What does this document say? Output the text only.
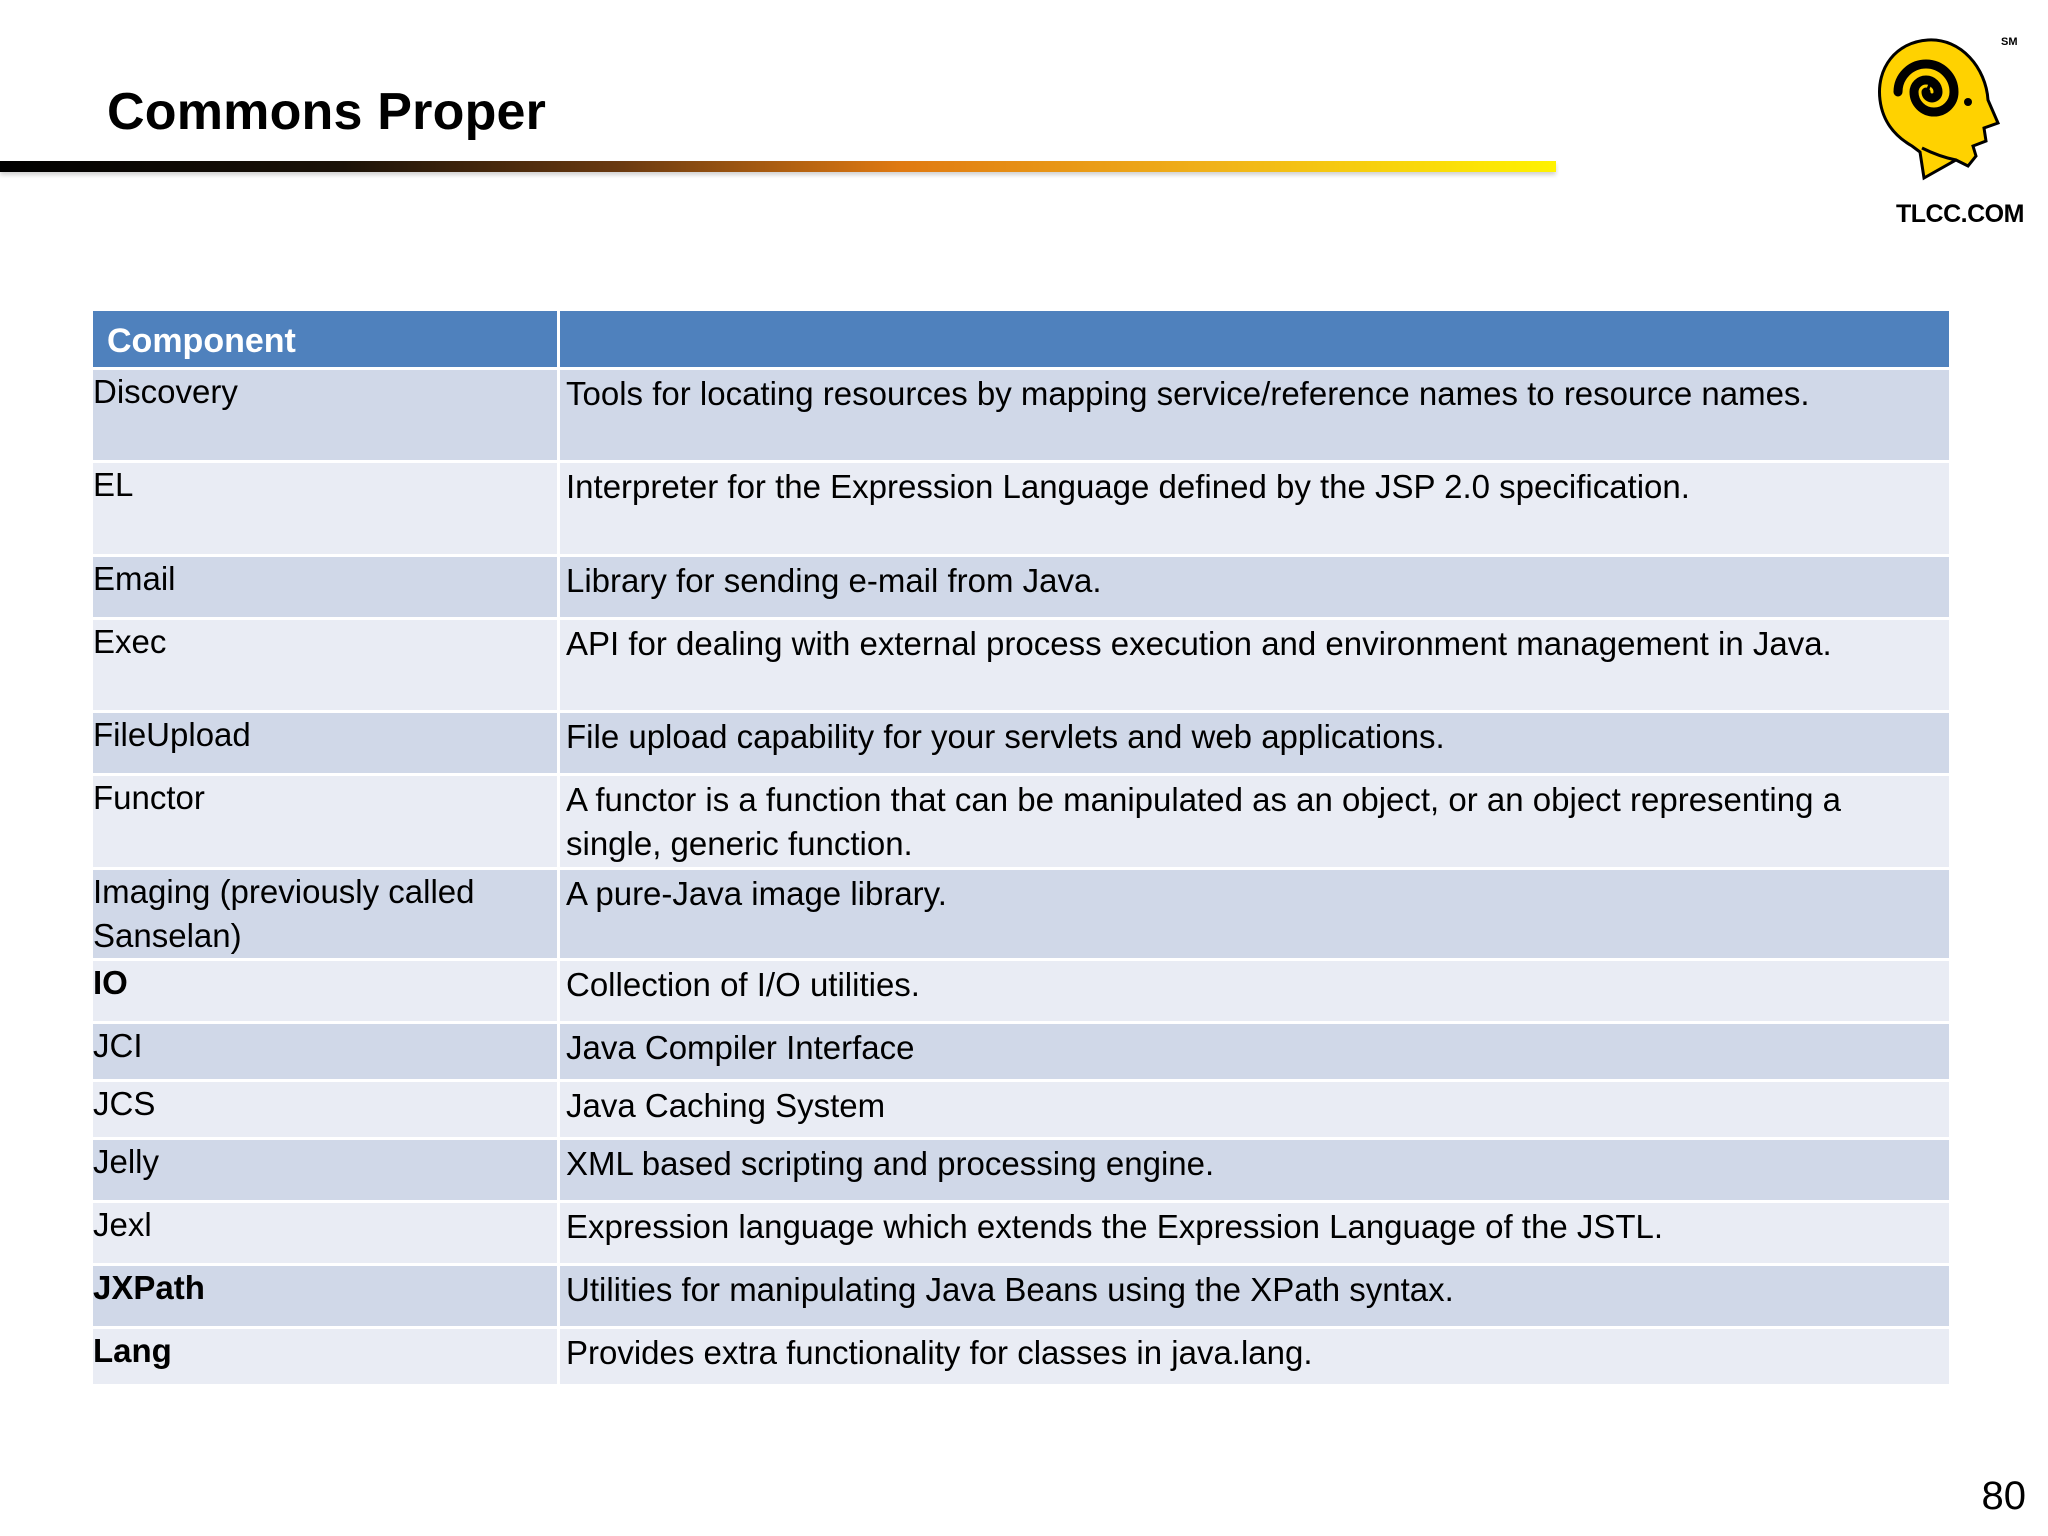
Commons Proper
SM
TLCC.COM
Component	
Discovery	Tools for locating resources by mapping service/reference names to resource names.
EL	Interpreter for the Expression Language defined by the JSP 2.0 specification.
Email	Library for sending e-mail from Java.
Exec	API for dealing with external process execution and environment management in Java.
FileUpload	File upload capability for your servlets and web applications.
Functor	A functor is a function that can be manipulated as an object, or an object representing a single, generic function.
Imaging (previously called Sanselan)	A pure-Java image library.
IO	Collection of I/O utilities.
JCI	Java Compiler Interface
JCS	Java Caching System
Jelly	XML based scripting and processing engine.
Jexl	Expression language which extends the Expression Language of the JSTL.
JXPath	Utilities for manipulating Java Beans using the XPath syntax.
Lang	Provides extra functionality for classes in java.lang.
80
